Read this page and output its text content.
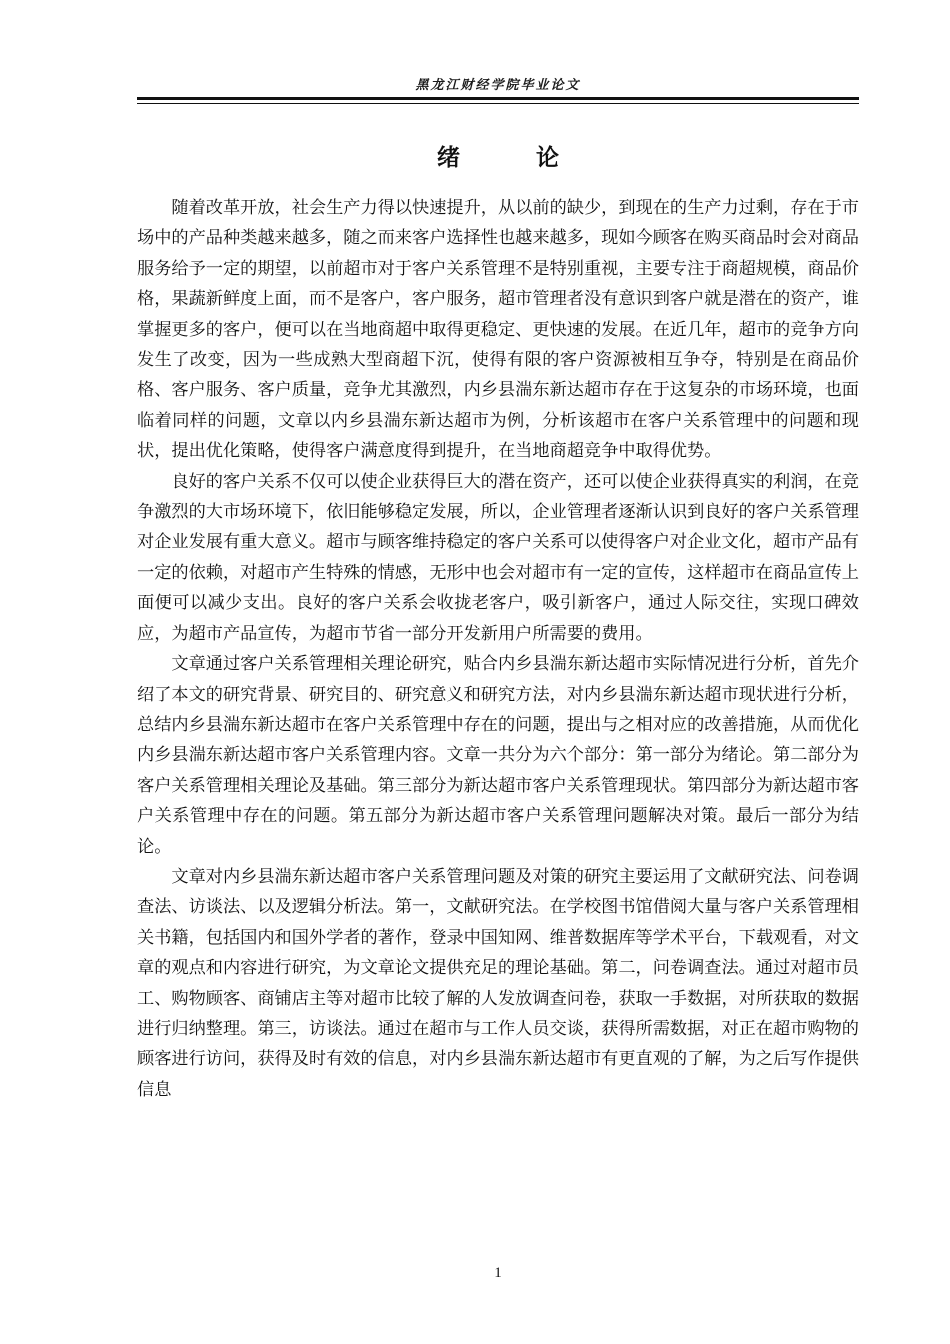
黑龙江财经学院毕业论文
绪 论

随着改革开放，社会生产力得以快速提升，从以前的缺少，到现在的生产力过剩，存在于市场中的产品种类越来越多，随之而来客户选择性也越来越多，现如今顾客在购买商品时会对商品服务给予一定的期望，以前超市对于客户关系管理不是特别重视，主要专注于商超规模，商品价格，果蔬新鲜度上面，而不是客户，客户服务，超市管理者没有意识到客户就是潜在的资产，谁掌握更多的客户，便可以在当地商超中取得更稳定、更快速的发展。在近几年，超市的竞争方向发生了改变，因为一些成熟大型商超下沉，使得有限的客户资源被相互争夺，特别是在商品价格、客户服务、客户质量，竞争尤其激烈，内乡县湍东新达超市存在于这复杂的市场环境，也面临着同样的问题，文章以内乡县湍东新达超市为例，分析该超市在客户关系管理中的问题和现状，提出优化策略，使得客户满意度得到提升，在当地商超竞争中取得优势。

良好的客户关系不仅可以使企业获得巨大的潜在资产，还可以使企业获得真实的利润，在竞争激烈的大市场环境下，依旧能够稳定发展，所以，企业管理者逐渐认识到良好的客户关系管理对企业发展有重大意义。超市与顾客维持稳定的客户关系可以使得客户对企业文化，超市产品有一定的依赖，对超市产生特殊的情感，无形中也会对超市有一定的宣传，这样超市在商品宣传上面便可以减少支出。良好的客户关系会收拢老客户，吸引新客户，通过人际交往，实现口碑效应，为超市产品宣传，为超市节省一部分开发新用户所需要的费用。

文章通过客户关系管理相关理论研究，贴合内乡县湍东新达超市实际情况进行分析，首先介绍了本文的研究背景、研究目的、研究意义和研究方法，对内乡县湍东新达超市现状进行分析，总结内乡县湍东新达超市在客户关系管理中存在的问题，提出与之相对应的改善措施，从而优化内乡县湍东新达超市客户关系管理内容。文章一共分为六个部分：第一部分为绪论。第二部分为客户关系管理相关理论及基础。第三部分为新达超市客户关系管理现状。第四部分为新达超市客户关系管理中存在的问题。第五部分为新达超市客户关系管理问题解决对策。最后一部分为结论。

文章对内乡县湍东新达超市客户关系管理问题及对策的研究主要运用了文献研究法、问卷调查法、访谈法、以及逻辑分析法。第一，文献研究法。在学校图书馆借阅大量与客户关系管理相关书籍，包括国内和国外学者的著作，登录中国知网、维普数据库等学术平台，下载观看，对文章的观点和内容进行研究，为文章论文提供充足的理论基础。第二，问卷调查法。通过对超市员工、购物顾客、商铺店主等对超市比较了解的人发放调查问卷，获取一手数据，对所获取的数据进行归纳整理。第三，访谈法。通过在超市与工作人员交谈，获得所需数据，对正在超市购物的顾客进行访问，获得及时有效的信息，对内乡县湍东新达超市有更直观的了解，为之后写作提供信息

1
